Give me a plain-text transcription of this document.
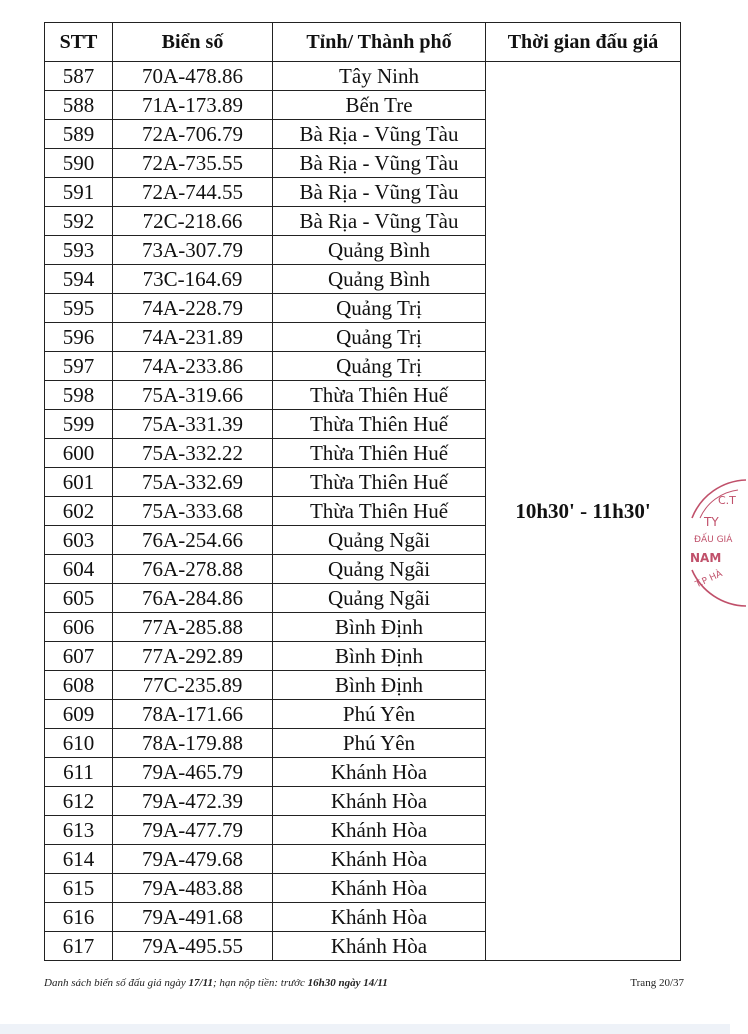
STT	Biển số	Tỉnh/ Thành phố	Thời gian đấu giá
587	70A-478.86	Tây Ninh	10h30' - 11h30'
588	71A-173.89	Bến Tre	
589	72A-706.79	Bà Rịa - Vũng Tàu	
590	72A-735.55	Bà Rịa - Vũng Tàu	
591	72A-744.55	Bà Rịa - Vũng Tàu	
592	72C-218.66	Bà Rịa - Vũng Tàu	
593	73A-307.79	Quảng Bình	
594	73C-164.69	Quảng Bình	
595	74A-228.79	Quảng Trị	
596	74A-231.89	Quảng Trị	
597	74A-233.86	Quảng Trị	
598	75A-319.66	Thừa Thiên Huế	
599	75A-331.39	Thừa Thiên Huế	
600	75A-332.22	Thừa Thiên Huế	
601	75A-332.69	Thừa Thiên Huế	
602	75A-333.68	Thừa Thiên Huế	
603	76A-254.66	Quảng Ngãi	
604	76A-278.88	Quảng Ngãi	
605	76A-284.86	Quảng Ngãi	
606	77A-285.88	Bình Định	
607	77A-292.89	Bình Định	
608	77C-235.89	Bình Định	
609	78A-171.66	Phú Yên	
610	78A-179.88	Phú Yên	
611	79A-465.79	Khánh Hòa	
612	79A-472.39	Khánh Hòa	
613	79A-477.79	Khánh Hòa	
614	79A-479.68	Khánh Hòa	
615	79A-483.88	Khánh Hòa	
616	79A-491.68	Khánh Hòa	
617	79A-495.55	Khánh Hòa	
C.T
TY
ĐẤU GIÁ
NAM
T.P HÀ
Danh sách biển số đấu giá ngày 17/11; hạn nộp tiền: trước 16h30 ngày 14/11	Trang 20/37
